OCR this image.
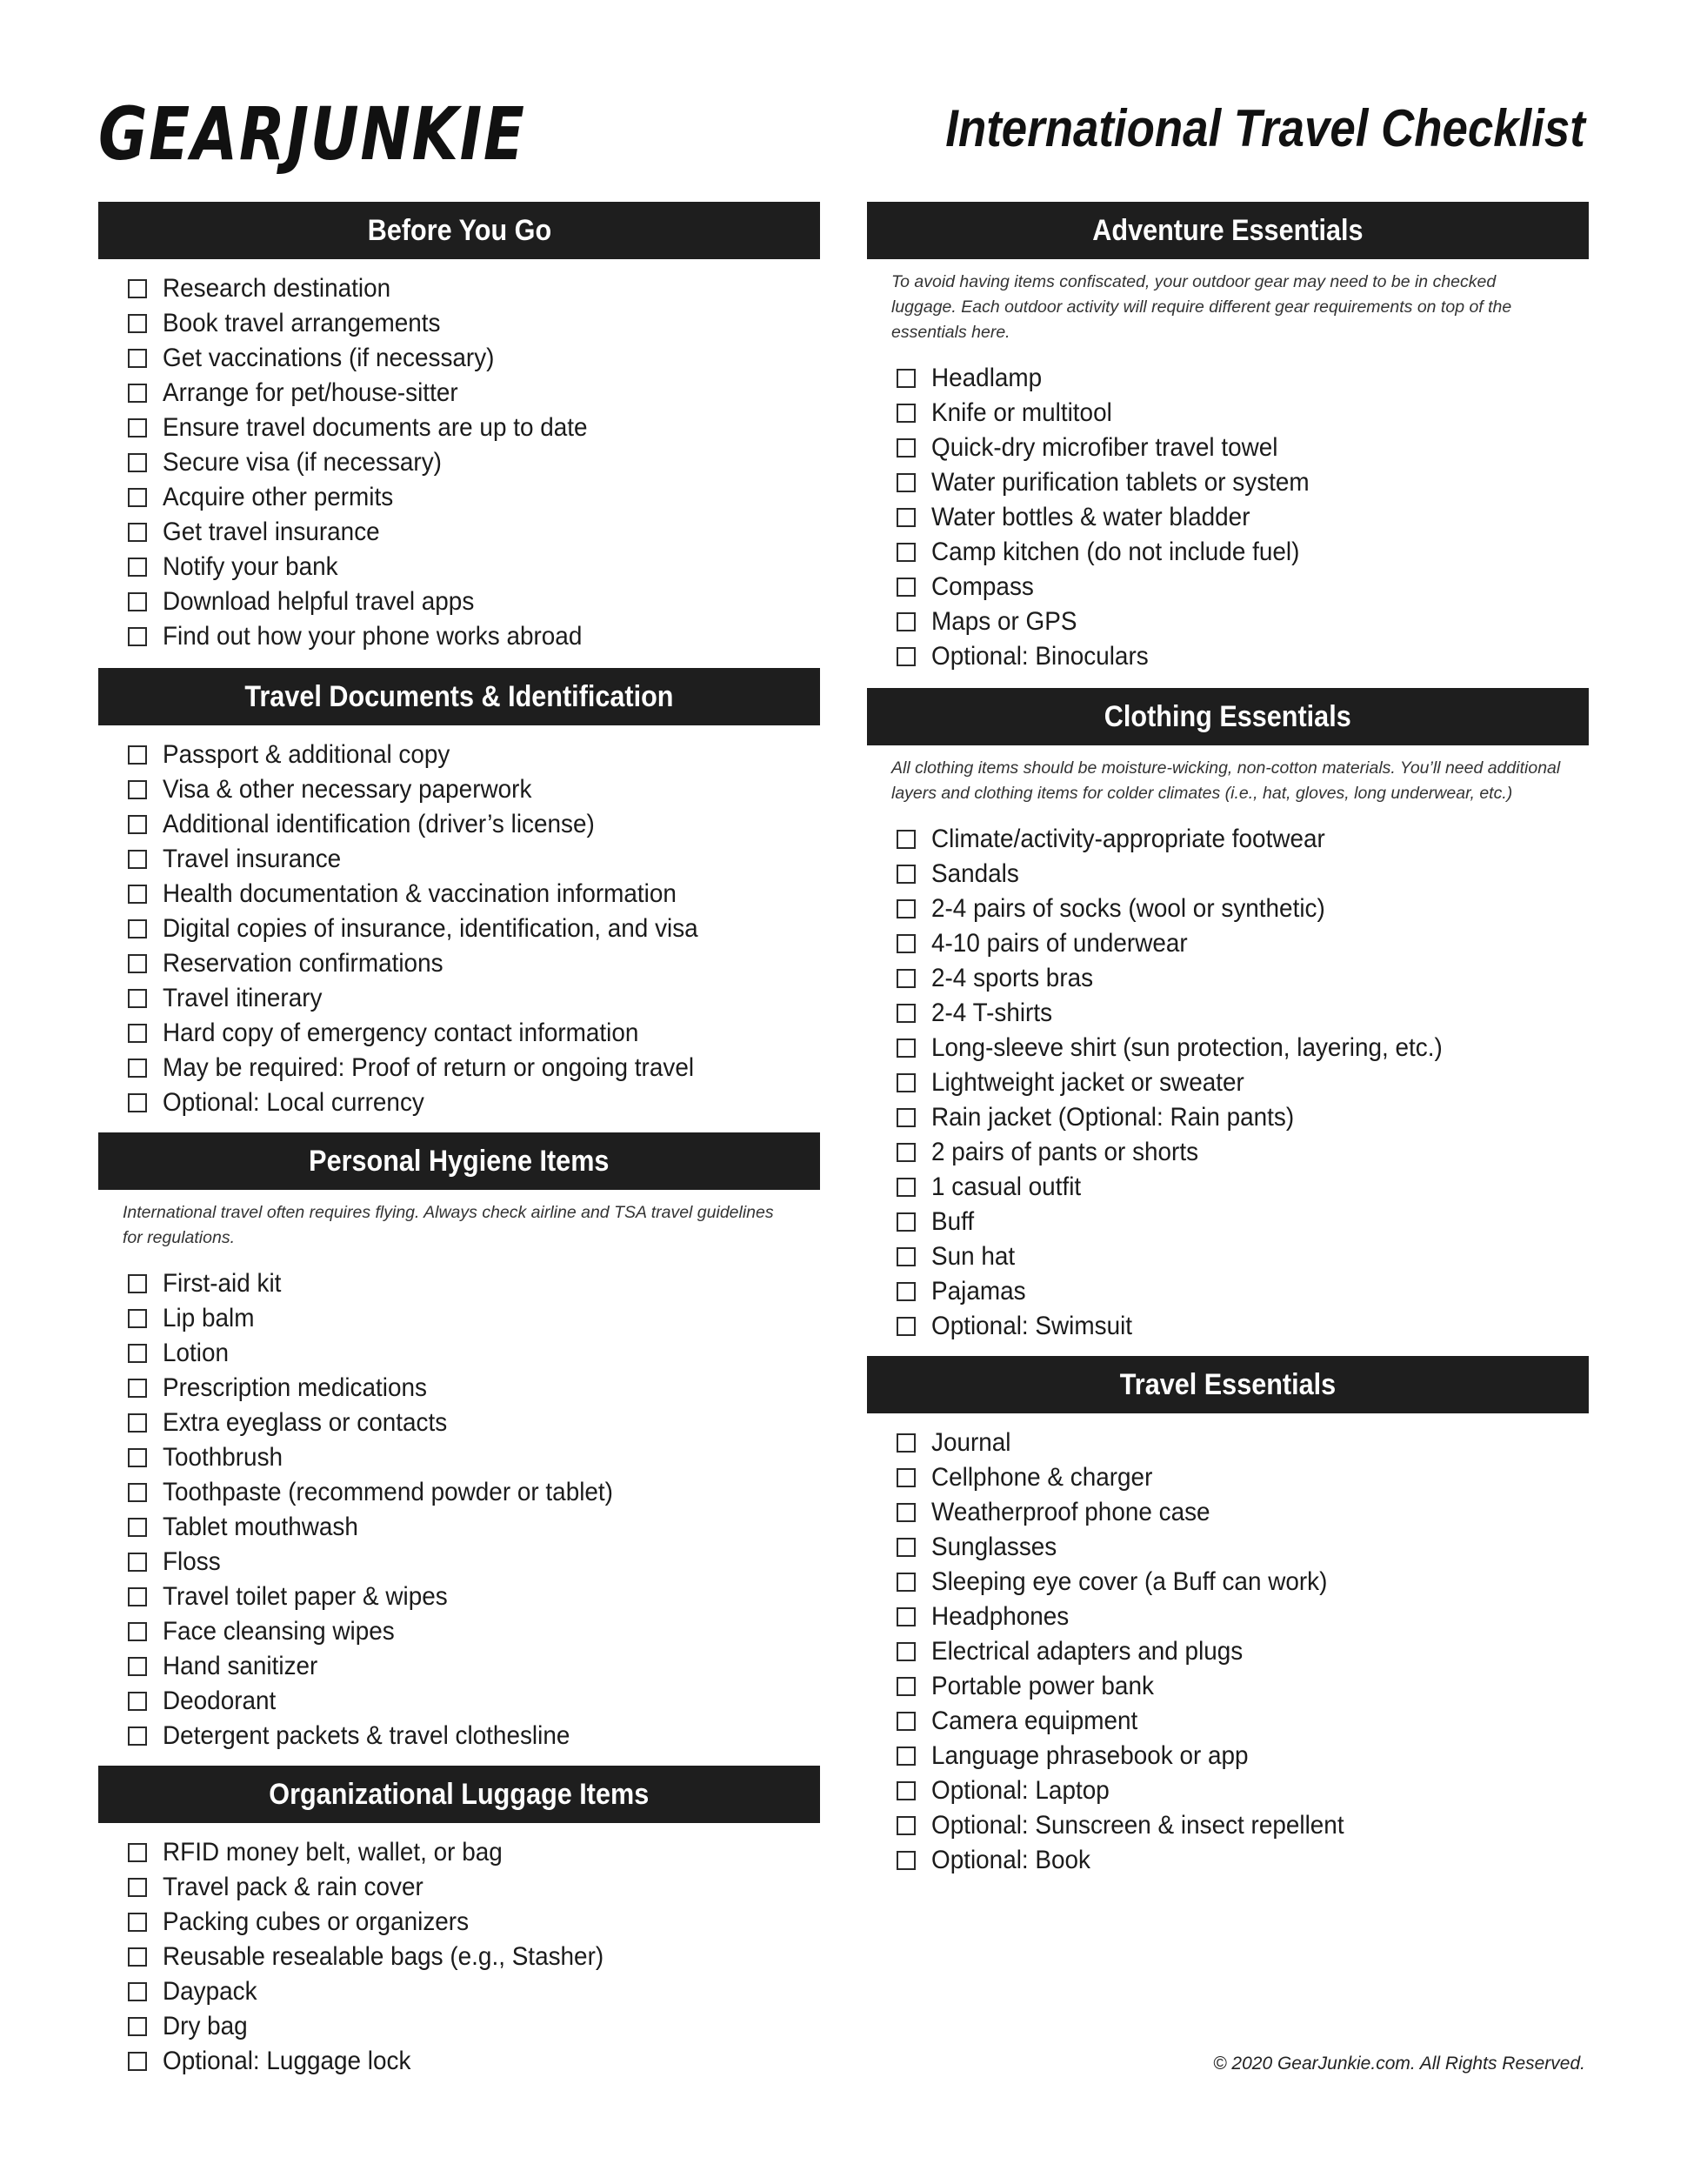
GEARJUNKIE	International Travel Checklist
Before You Go
Research destination
Book travel arrangements
Get vaccinations (if necessary)
Arrange for pet/house-sitter
Ensure travel documents are up to date
Secure visa (if necessary)
Acquire other permits
Get travel insurance
Notify your bank
Download helpful travel apps
Find out how your phone works abroad
Travel Documents & Identification
Passport & additional copy
Visa & other necessary paperwork
Additional identification (driver’s license)
Travel insurance
Health documentation & vaccination information
Digital copies of insurance, identification, and visa
Reservation confirmations
Travel itinerary
Hard copy of emergency contact information
May be required: Proof of return or ongoing travel
Optional: Local currency
Personal Hygiene Items
International travel often requires flying. Always check airline and TSA travel guidelines for regulations.
First-aid kit
Lip balm
Lotion
Prescription medications
Extra eyeglass or contacts
Toothbrush
Toothpaste (recommend powder or tablet)
Tablet mouthwash
Floss
Travel toilet paper & wipes
Face cleansing wipes
Hand sanitizer
Deodorant
Detergent packets & travel clothesline
Organizational Luggage Items
RFID money belt, wallet, or bag
Travel pack & rain cover
Packing cubes or organizers
Reusable resealable bags (e.g., Stasher)
Daypack
Dry bag
Optional: Luggage lock
Adventure Essentials
To avoid having items confiscated, your outdoor gear may need to be in checked luggage. Each outdoor activity will require different gear requirements on top of the essentials here.
Headlamp
Knife or multitool
Quick-dry microfiber travel towel
Water purification tablets or system
Water bottles & water bladder
Camp kitchen (do not include fuel)
Compass
Maps or GPS
Optional: Binoculars
Clothing Essentials
All clothing items should be moisture-wicking, non-cotton materials. You’ll need additional layers and clothing items for colder climates (i.e., hat, gloves, long underwear, etc.)
Climate/activity-appropriate footwear
Sandals
2-4 pairs of socks (wool or synthetic)
4-10 pairs of underwear
2-4 sports bras
2-4 T-shirts
Long-sleeve shirt (sun protection, layering, etc.)
Lightweight jacket or sweater
Rain jacket (Optional: Rain pants)
2 pairs of pants or shorts
1 casual outfit
Buff
Sun hat
Pajamas
Optional: Swimsuit
Travel Essentials
Journal
Cellphone & charger
Weatherproof phone case
Sunglasses
Sleeping eye cover (a Buff can work)
Headphones
Electrical adapters and plugs
Portable power bank
Camera equipment
Language phrasebook or app
Optional: Laptop
Optional: Sunscreen & insect repellent
Optional: Book
© 2020 GearJunkie.com. All Rights Reserved.
